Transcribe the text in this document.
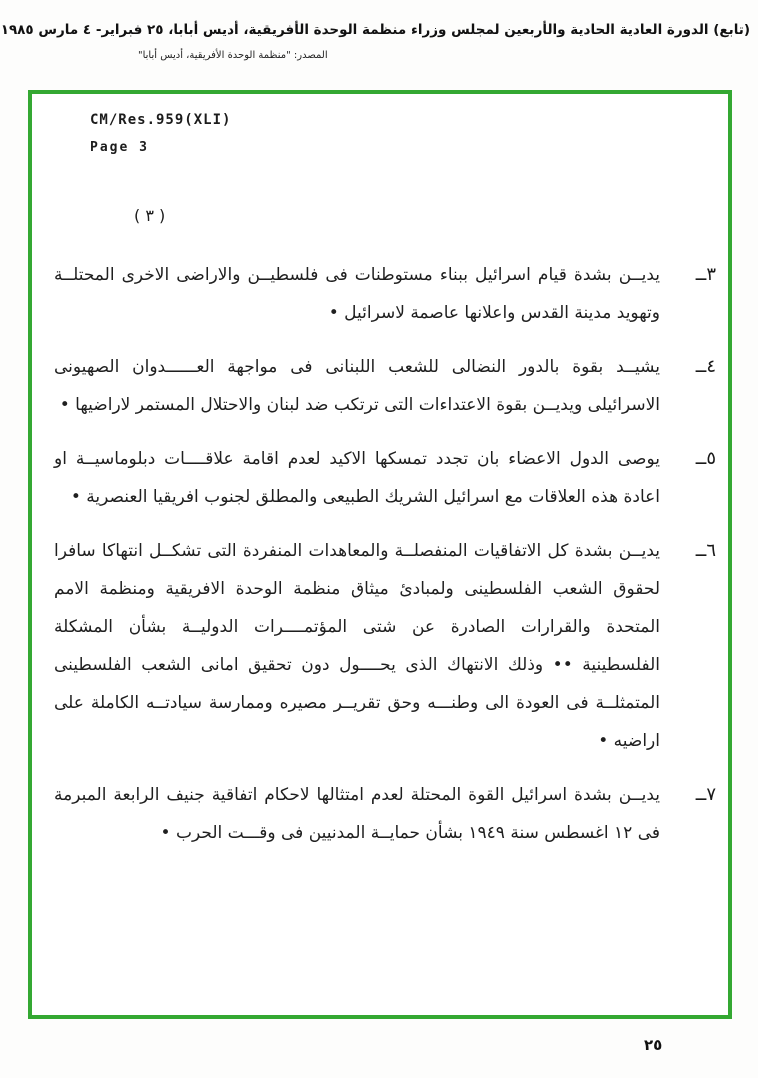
(تابع) الدورة العادية الحادية والأربعين لمجلس وزراء منظمة الوحدة الأفريقية، أديس أبابا، ٢٥ فبراير- ٤ مارس ١٩٨٥
المصدر: "منظمة الوحدة الأفريقية، أديس أبابا"
CM/Res.959(XLI)
Page 3
( ٣ )
٣ــ
يديــن بشدة قيام اسرائيل ببناء مستوطنات فى فلسطيــن والاراضى الاخرى المحتلــة وتهويد مدينة القدس واعلانها عاصمة لاسرائيل •
٤ــ
يشيــد بقوة بالدور النضالى للشعب اللبنانى فى مواجهة العــــــدوان الصهيونى الاسرائيلى ويديــن بقوة الاعتداءات التى ترتكب ضد لبنان والاحتلال المستمر لاراضيها •
٥ــ
يوصى الدول الاعضاء بان تجدد تمسكها الاكيد لعدم اقامة علاقــــات دبلوماسيــة او اعادة هذه العلاقات مع اسرائيل الشريك الطبيعى والمطلق لجنوب افريقيا العنصرية •
٦ــ
يديــن بشدة كل الاتفاقيات المنفصلــة والمعاهدات المنفردة التى تشكــل انتهاكا سافرا لحقوق الشعب الفلسطينى ولمبادئ ميثاق منظمة الوحدة الافريقية ومنظمة الامم المتحدة والقرارات الصادرة عن شتى المؤتمــــرات الدوليــة بشأن المشكلة الفلسطينية •• وذلك الانتهاك الذى يحــــول دون تحقيق امانى الشعب الفلسطينى المتمثلــة فى العودة الى وطنـــه وحق تقريــر مصيره وممارسة سيادتــه الكاملة على اراضيه •
٧ــ
يديــن بشدة اسرائيل القوة المحتلة لعدم امتثالها لاحكام اتفاقية جنيف الرابعة المبرمة فى ١٢ اغسطس سنة ١٩٤٩ بشأن حمايــة المدنيين فى وقـــت الحرب •
٢٥
